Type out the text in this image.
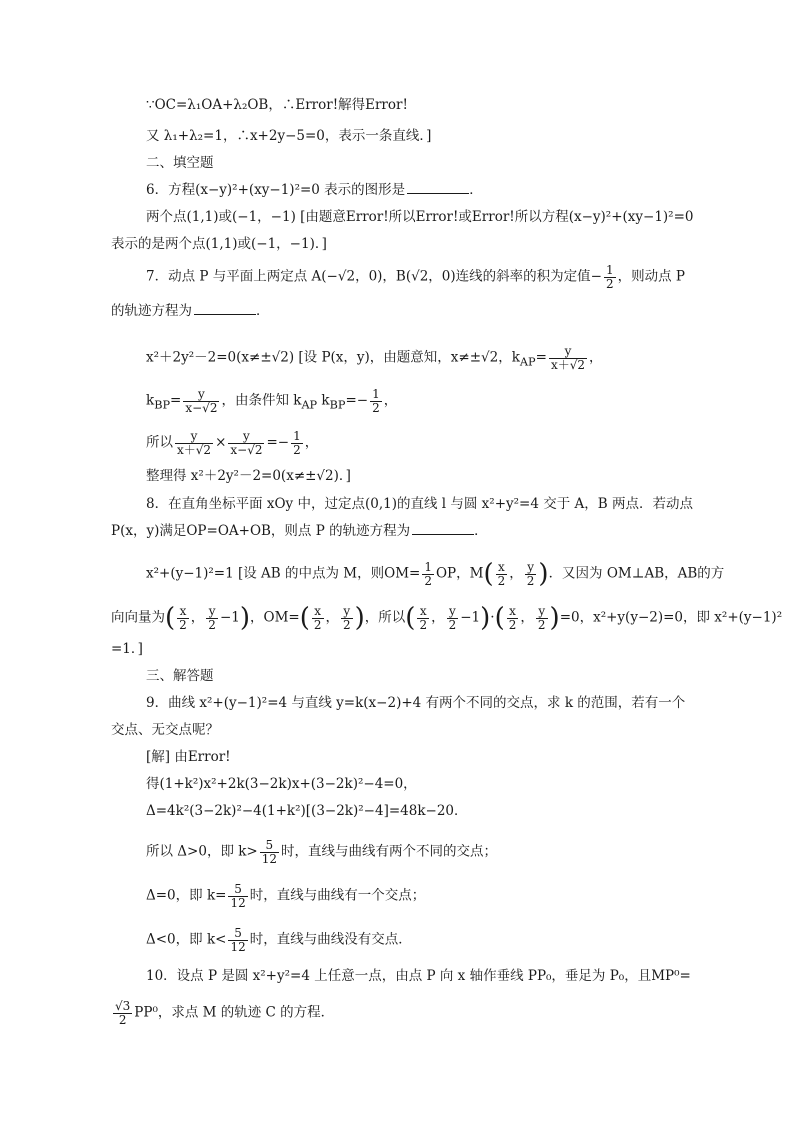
∵OC=λ₁OA+λ₂OB，∴Error!解得Error!
又 λ₁+λ₂=1，∴x+2y−5=0，表示一条直线．]
二、填空题
6．方程(x−y)²+(xy−1)²=0 表示的图形是	．
两个点(1,1)或(−1，−1) [由题意Error!所以Error!或Error!所以方程(x−y)²+(xy−1)²=0
表示的是两个点(1,1)或(−1，−1)．]
7．动点 P 与平面上两定点 A(−√2，0)，B(√2，0)连线的斜率的积为定值− $\frac{1}{2}$ ，则动点 P
的轨迹方程为	．
x²＋2y²－2=0(x≠±√2) [设 P(x，y)，由题意知，x≠±√2，$k_{AP}= \frac{y}{x+√2}$ ，
$k_{BP}= \frac{y}{x-√2}$ ，由条件知 $k_{AP}$ $k_{BP}=- \frac{1}{2}$ ，
所以 $\frac{y}{x+√2} \times \frac{y}{x-√2} =- \frac{1}{2}$ ，
整理得 x²＋2y²－2=0(x≠±√2)．]
8．在直角坐标平面 xOy 中，过定点(0,1)的直线 l 与圆 x²+y²=4 交于 A，B 两点．若动点
P(x，y)满足OP=OA+OB，则点 P 的轨迹方程为	．
x²+(y−1)²=1 [设 AB 的中点为 M，则$OM= \frac{1}{2}$ OP，$M( \frac{x}{2}$ ， $\frac{y}{2}$ )．又因为 OM⊥AB，AB的方
向向量为( $\frac{x}{2}$ ， $\frac{y}{2} -1$)，$OM=( \frac{x}{2}$ ， $\frac{y}{2}$ )，所以( $\frac{x}{2}$ ， $\frac{y}{2} -1)\cdot( \frac{x}{2}$ ， $\frac{y}{2} )=0$，x²+y(y−2)=0，即 x²+(y−1)²
=1．]
三、解答题
9．曲线 x²+(y−1)²=4 与直线 y=k(x−2)+4 有两个不同的交点，求 k 的范围，若有一个
交点、无交点呢？
[解] 由Error!
得(1+k²)x²+2k(3−2k)x+(3−2k)²−4=0，
Δ=4k²(3−2k)²−4(1+k²)[(3−2k)²−4]=48k−20．
所以 Δ>0，即 $k> \frac{5}{12}$ 时，直线与曲线有两个不同的交点；
Δ=0，即 $k= \frac{5}{12}$ 时，直线与曲线有一个交点；
Δ<0，即 $k< \frac{5}{12}$ 时，直线与曲线没有交点．
10．设点 P 是圆 x²+y²=4 上任意一点，由点 P 向 x 轴作垂线 PP₀，垂足为 P₀，且MP⁰=
$\frac{√3}{2} PP^0$，求点 M 的轨迹 C 的方程．
